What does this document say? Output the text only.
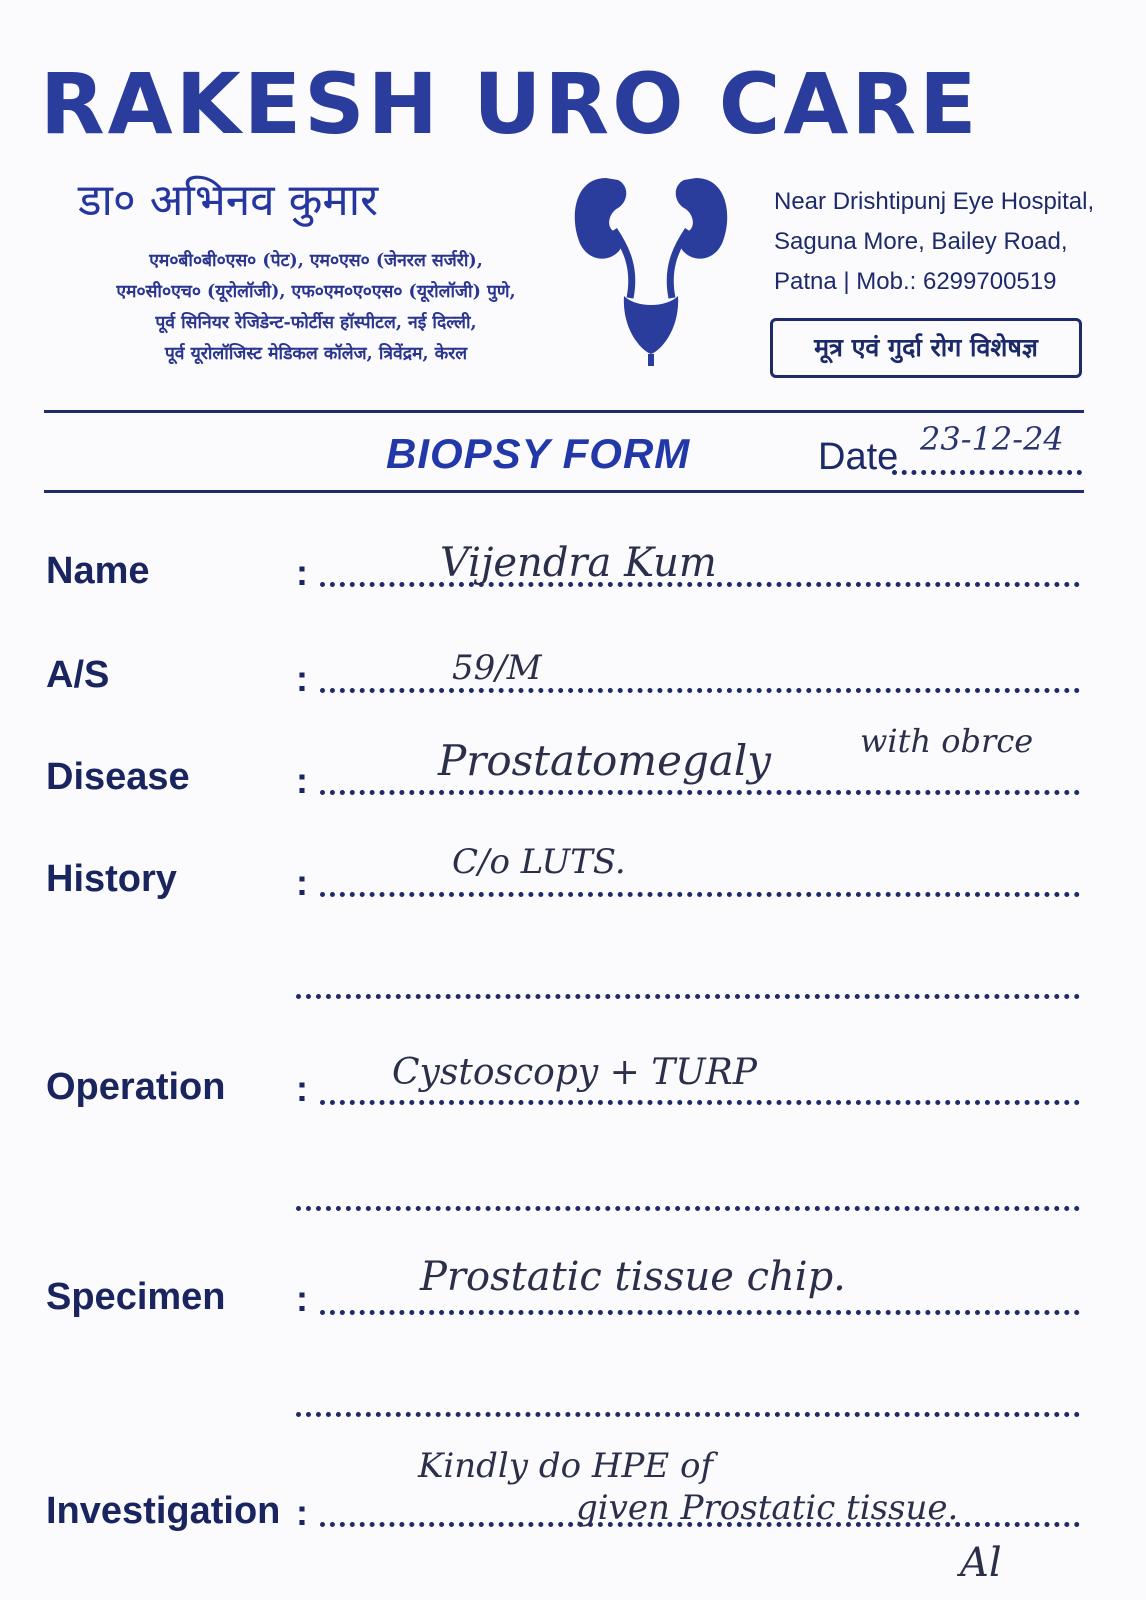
RAKESH URO CARE
डा० अभिनव कुमार
एम०बी०बी०एस० (पेट), एम०एस० (जेनरल सर्जरी),
एम०सी०एच० (यूरोलॉजी), एफ०एम०ए०एस० (यूरोलॉजी) पुणे,
पूर्व सिनियर रेजिडेन्ट-फोर्टीस हॉस्पीटल, नई दिल्ली,
पूर्व यूरोलॉजिस्ट मेडिकल कॉलेज, त्रिवेंद्रम, केरल
Near Drishtipunj Eye Hospital,
Saguna More, Bailey Road,
Patna | Mob.: 6299700519
मूत्र एवं गुर्दा रोग विशेषज्ञ
BIOPSY FORM	Date 23-12-24
Name	:	Vijendra Kum
A/S	:	59/M
Disease	:	Prostatomegaly	with obrce
History	:	C/o LUTS.
Operation : Cystoscopy + TURP
Specimen :	Prostatic tissue chip.
Investigation :
Kindly do HPE of
given Prostatic tissue.
Al
